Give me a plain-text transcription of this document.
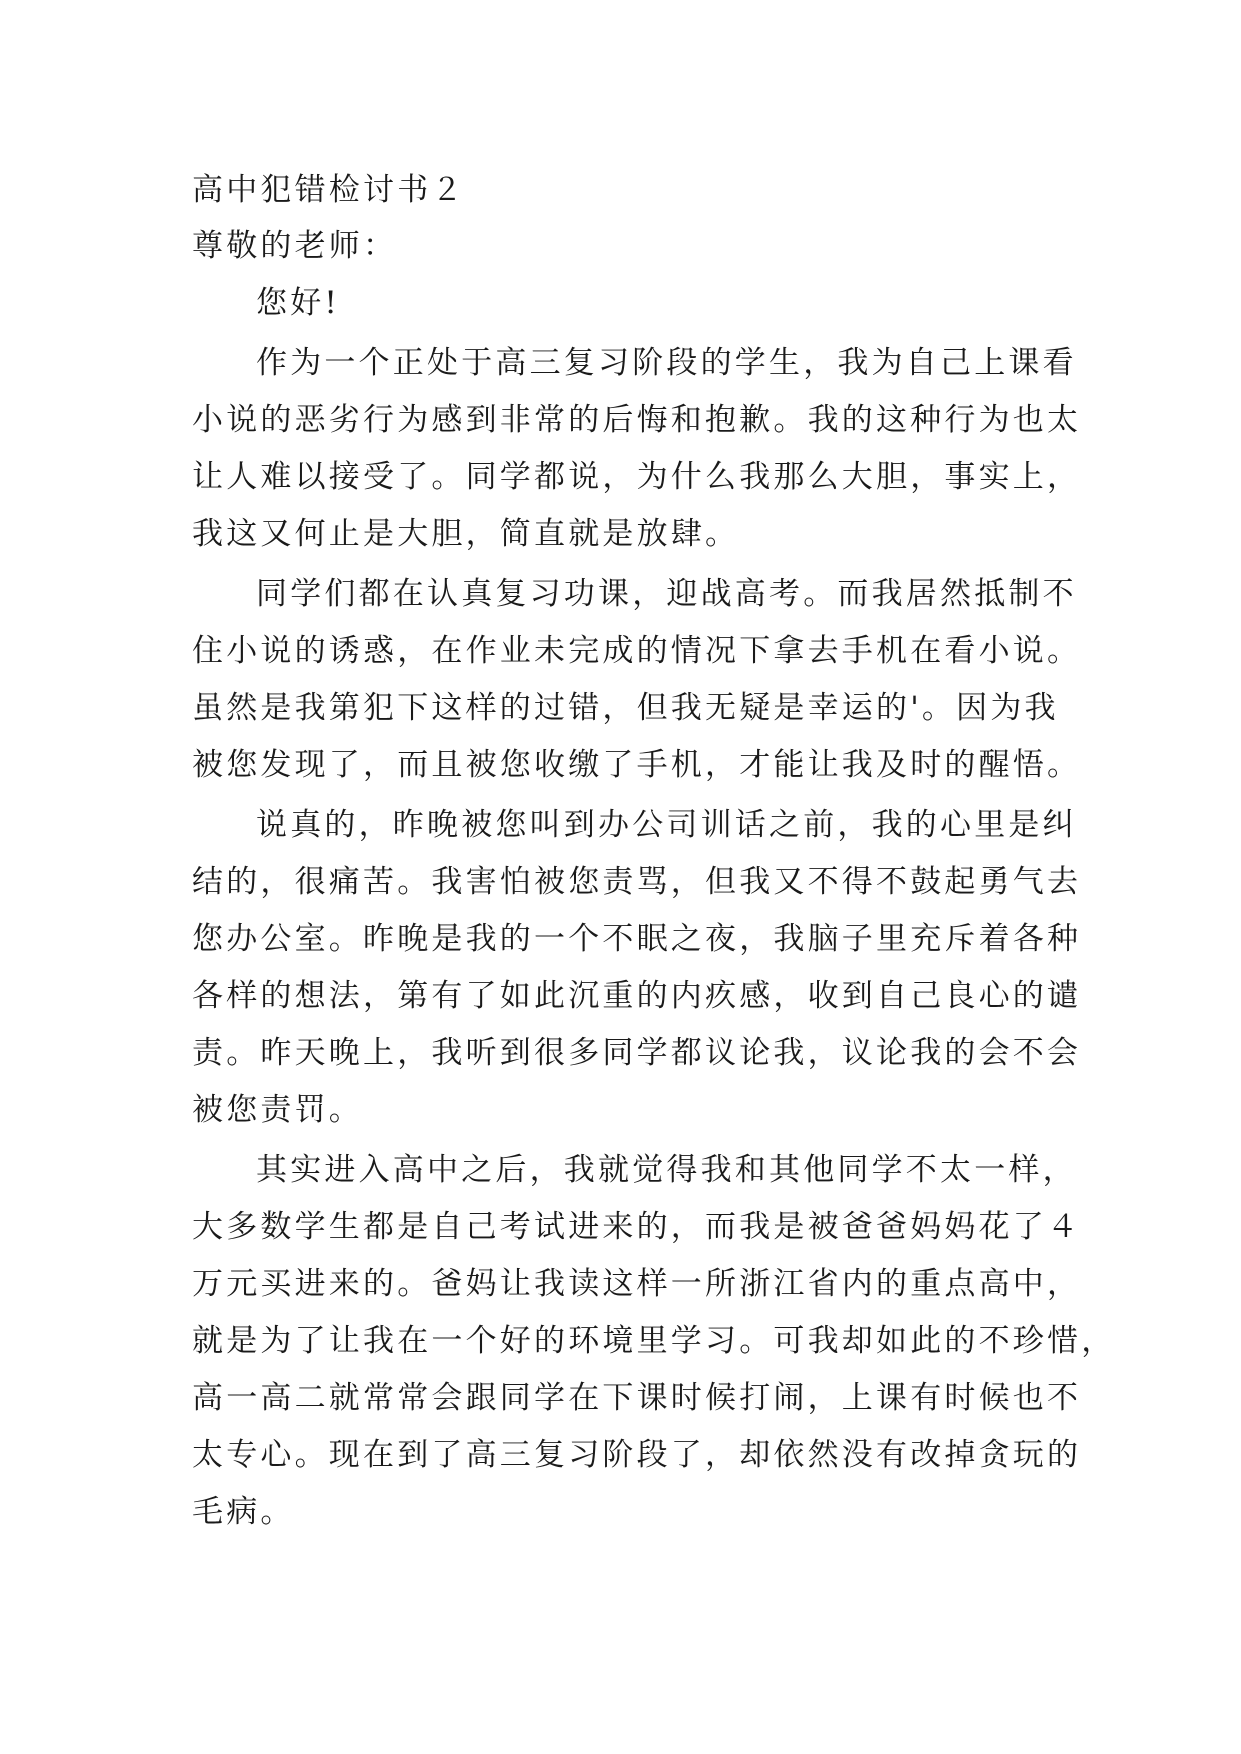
高中犯错检讨书２
尊敬的老师：
您好!
作为一个正处于高三复习阶段的学生，我为自己上课看
小说的恶劣行为感到非常的后悔和抱歉。我的这种行为也太
让人难以接受了。同学都说，为什么我那么大胆，事实上，
我这又何止是大胆，简直就是放肆。
同学们都在认真复习功课，迎战高考。而我居然抵制不
住小说的诱惑，在作业未完成的情况下拿去手机在看小说。
虽然是我第犯下这样的过错，但我无疑是幸运的'。因为我
被您发现了，而且被您收缴了手机，才能让我及时的醒悟。
说真的，昨晚被您叫到办公司训话之前，我的心里是纠
结的，很痛苦。我害怕被您责骂，但我又不得不鼓起勇气去
您办公室。昨晚是我的一个不眠之夜，我脑子里充斥着各种
各样的想法，第有了如此沉重的内疚感，收到自己良心的谴
责。昨天晚上，我听到很多同学都议论我，议论我的会不会
被您责罚。
其实进入高中之后，我就觉得我和其他同学不太一样，
大多数学生都是自己考试进来的，而我是被爸爸妈妈花了４
万元买进来的。爸妈让我读这样一所浙江省内的重点高中，
就是为了让我在一个好的环境里学习。可我却如此的不珍惜，
高一高二就常常会跟同学在下课时候打闹，上课有时候也不
太专心。现在到了高三复习阶段了，却依然没有改掉贪玩的
毛病。
